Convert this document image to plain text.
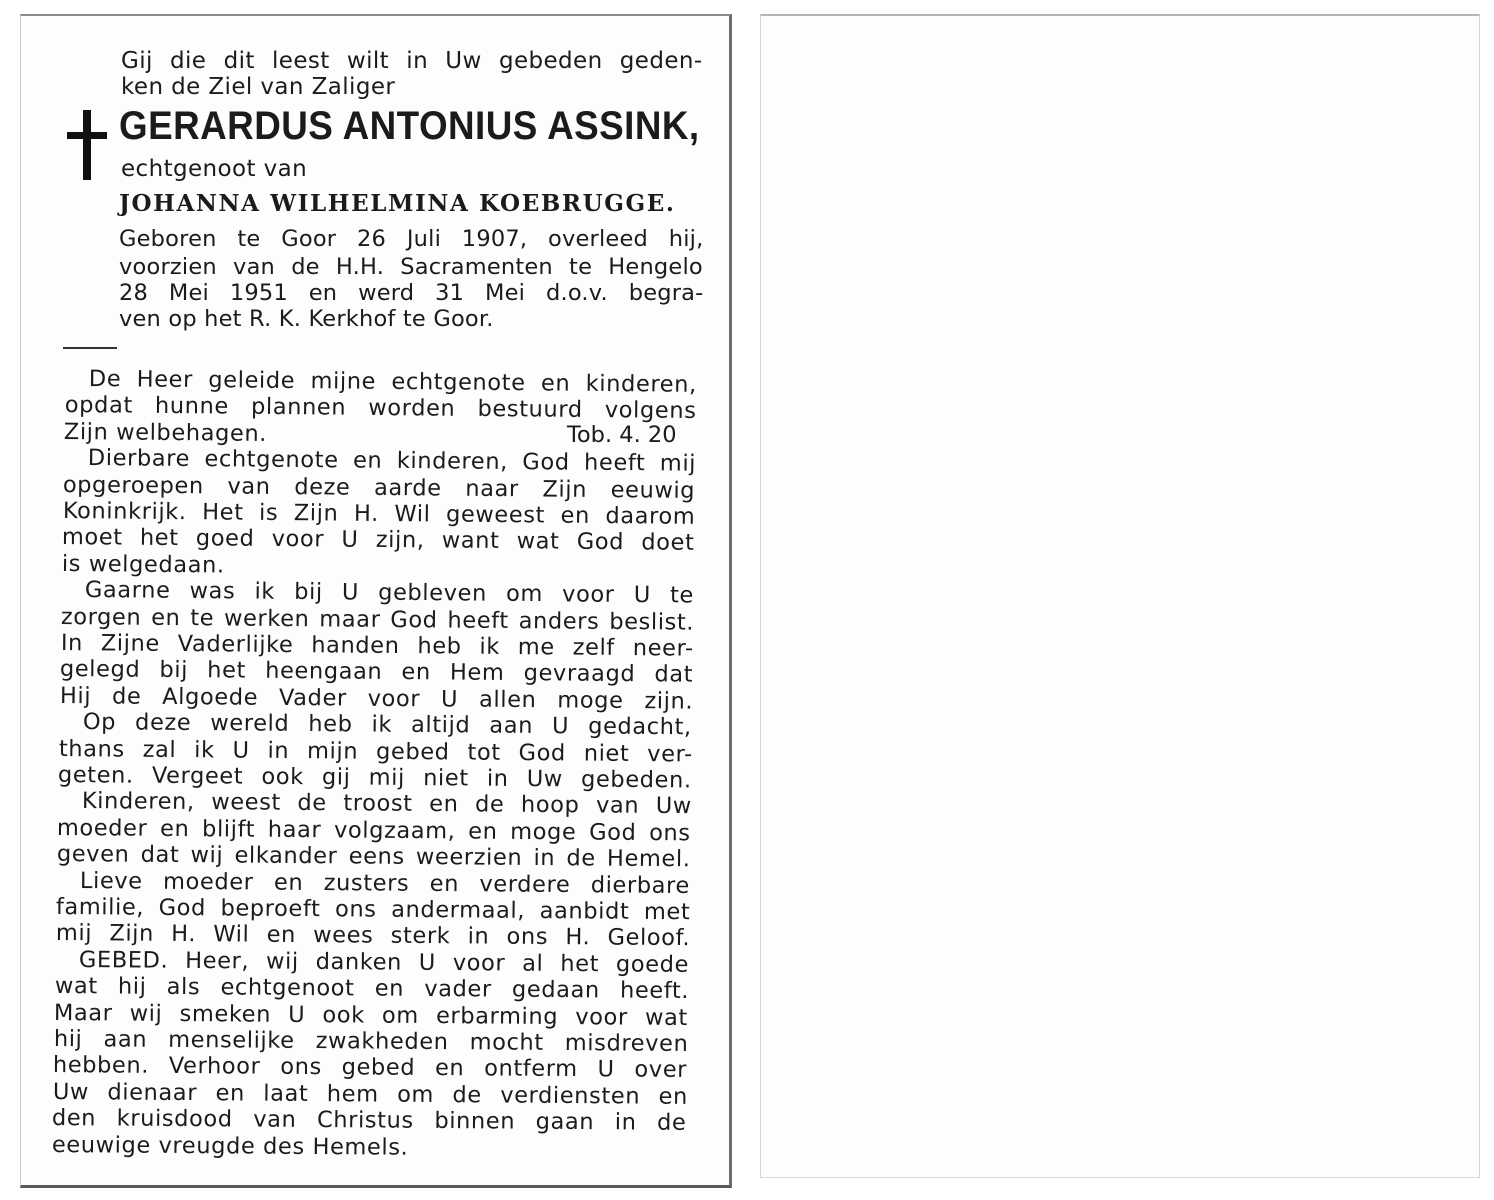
Gij die dit leest wilt in Uw gebeden geden-
ken de Ziel van Zaliger
GERARDUS ANTONIUS ASSINK,
echtgenoot van
JOHANNA WILHELMINA KOEBRUGGE.
Geboren te Goor 26 Juli 1907, overleed hij,
voorzien van de H.H. Sacramenten te Hengelo
28 Mei 1951 en werd 31 Mei d.o.v. begra-
ven op het R. K. Kerkhof te Goor.
Tob. 4. 20
De Heer geleide mijne echtgenote en kinderen,
opdat hunne plannen worden bestuurd volgens
Zijn welbehagen.
Dierbare echtgenote en kinderen, God heeft mij
opgeroepen van deze aarde naar Zijn eeuwig
Koninkrijk. Het is Zijn H. Wil geweest en daarom
moet het goed voor U zijn, want wat God doet
is welgedaan.
Gaarne was ik bij U gebleven om voor U te
zorgen en te werken maar God heeft anders beslist.
In Zijne Vaderlijke handen heb ik me zelf neer-
gelegd bij het heengaan en Hem gevraagd dat
Hij de Algoede Vader voor U allen moge zijn.
Op deze wereld heb ik altijd aan U gedacht,
thans zal ik U in mijn gebed tot God niet ver-
geten. Vergeet ook gij mij niet in Uw gebeden.
Kinderen, weest de troost en de hoop van Uw
moeder en blijft haar volgzaam, en moge God ons
geven dat wij elkander eens weerzien in de Hemel.
Lieve moeder en zusters en verdere dierbare
familie, God beproeft ons andermaal, aanbidt met
mij Zijn H. Wil en wees sterk in ons H. Geloof.
GEBED. Heer, wij danken U voor al het goede
wat hij als echtgenoot en vader gedaan heeft.
Maar wij smeken U ook om erbarming voor wat
hij aan menselijke zwakheden mocht misdreven
hebben. Verhoor ons gebed en ontferm U over
Uw dienaar en laat hem om de verdiensten en
den kruisdood van Christus binnen gaan in de
eeuwige vreugde des Hemels.
